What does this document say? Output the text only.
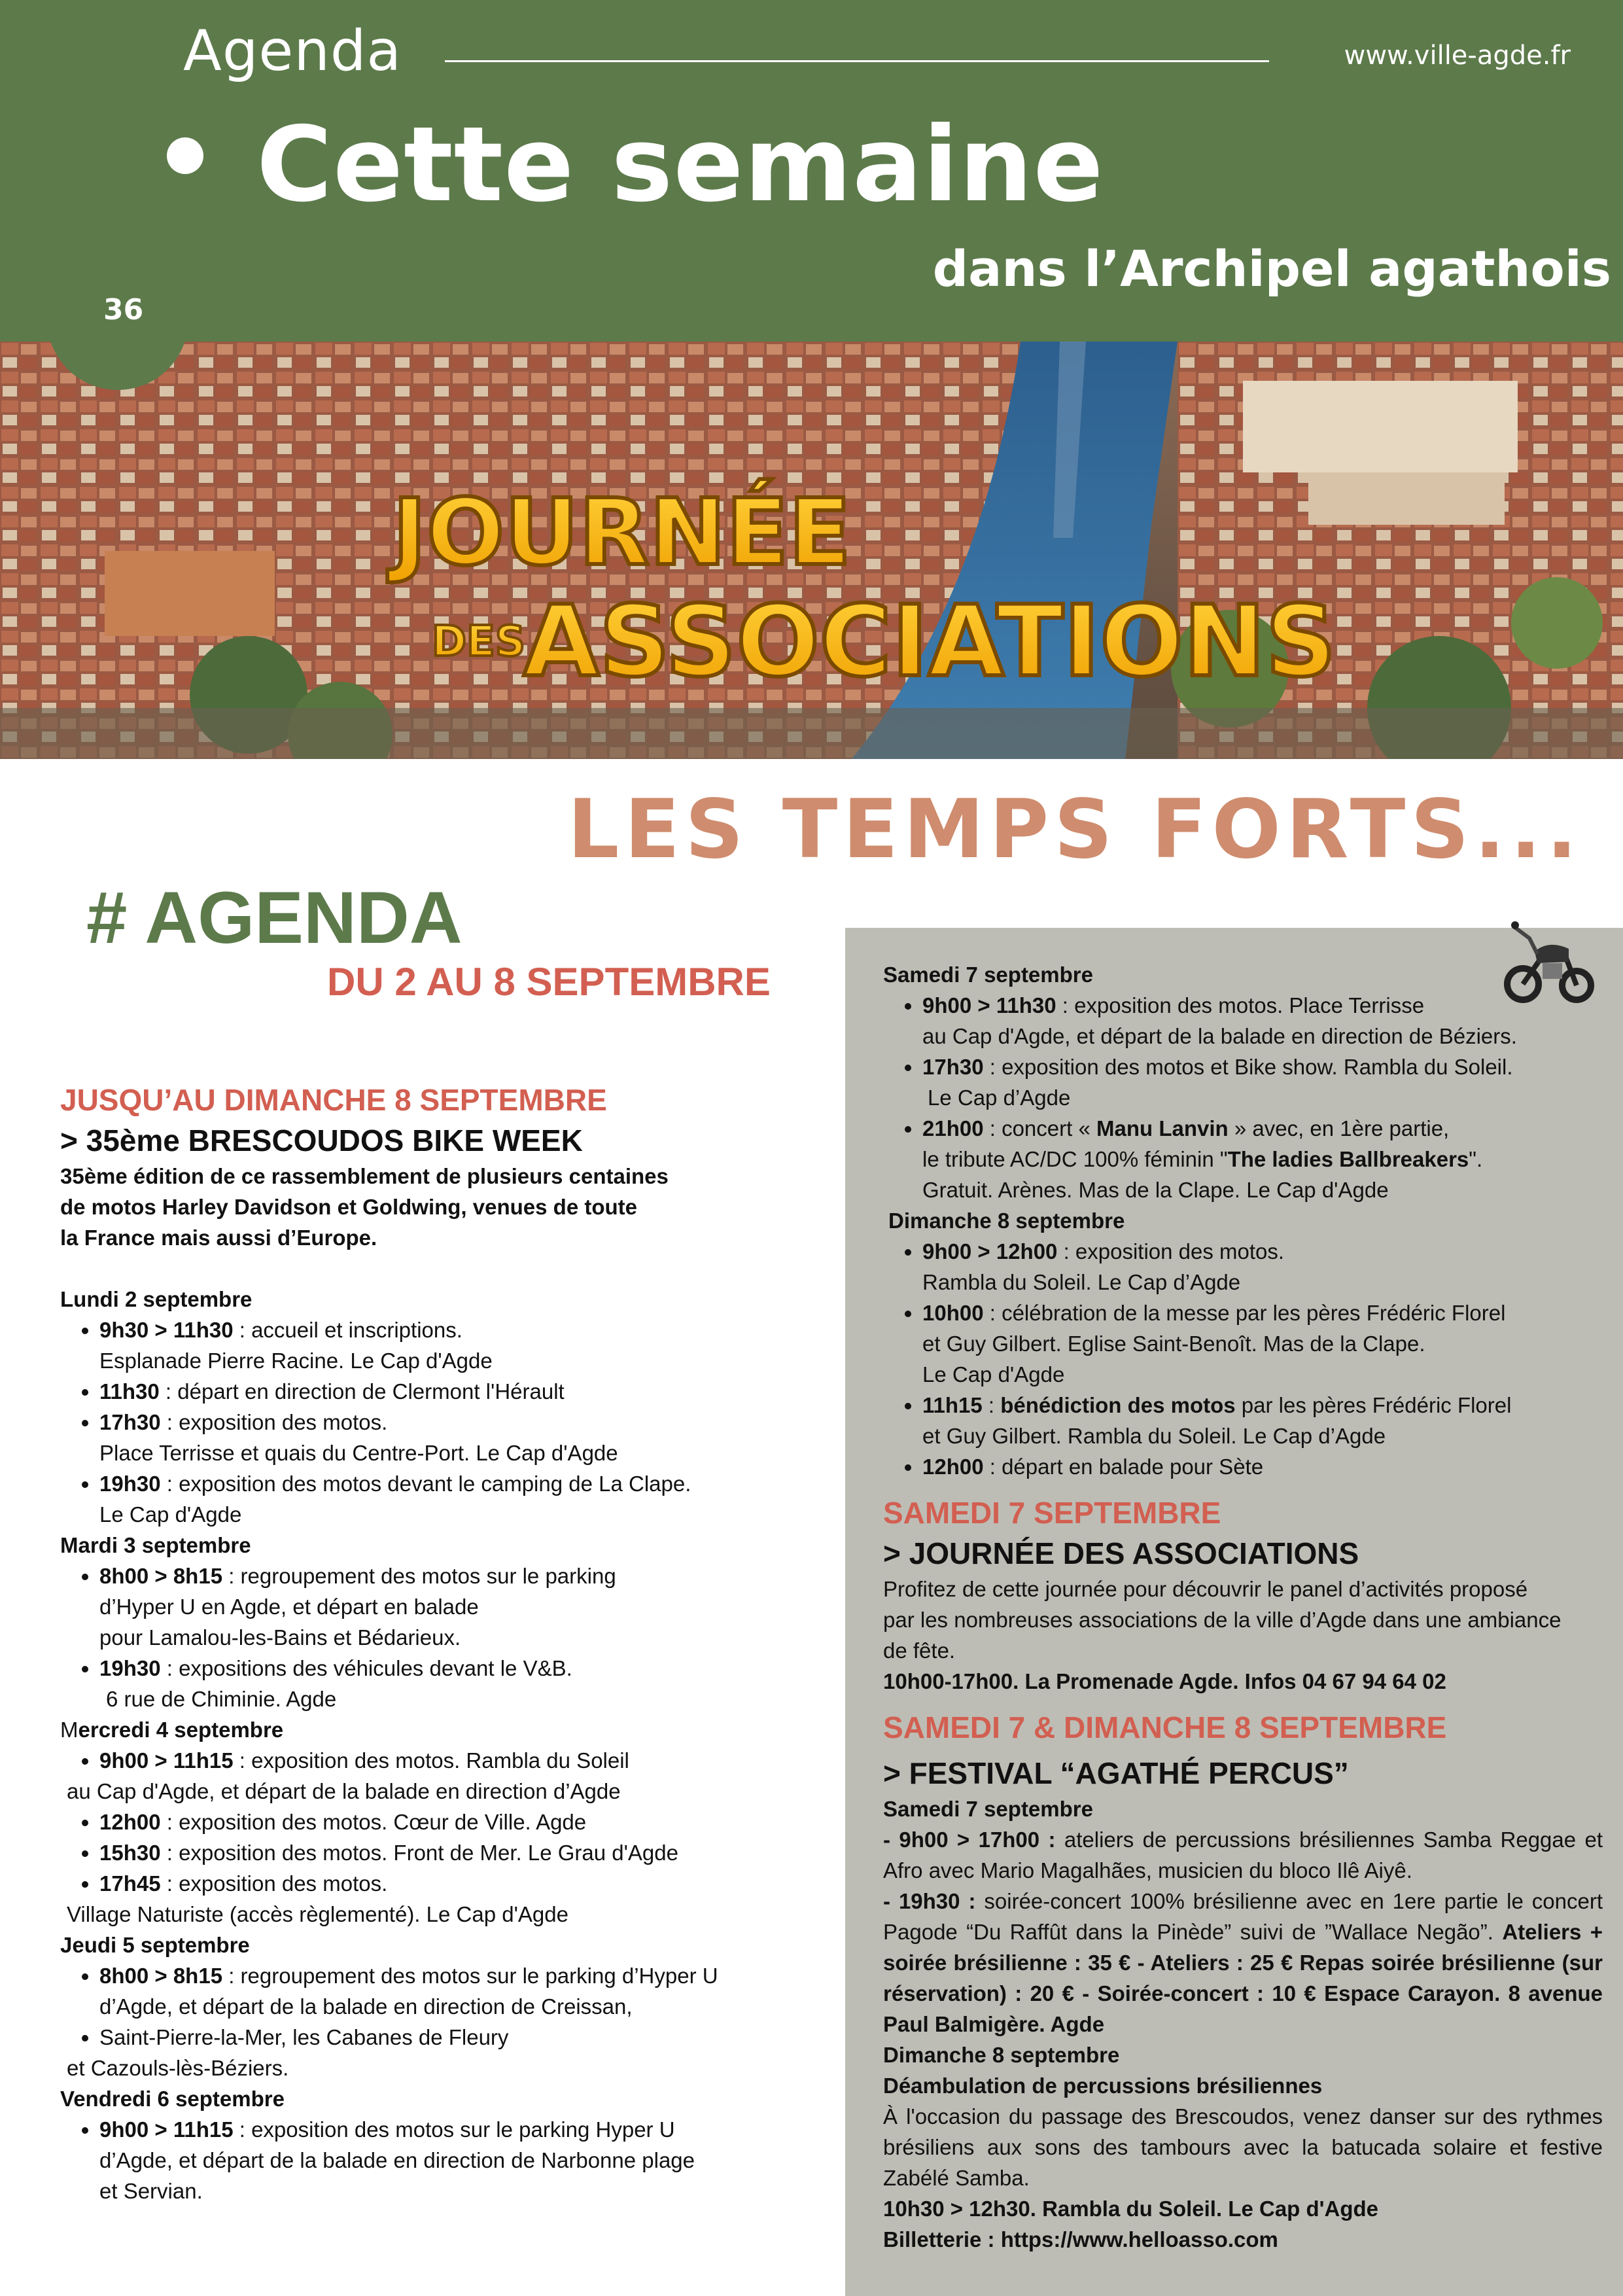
Agenda	www.ville-agde.fr
Cette semaine
dans l’Archipel agathois
36
JOURNÉE
DES
ASSOCIATIONS
LES TEMPS FORTS...
# AGENDA
DU 2 AU 8 SEPTEMBRE
JUSQU’AU DIMANCHE 8 SEPTEMBRE
> 35ème BRESCOUDOS BIKE WEEK
35ème édition de ce rassemblement de plusieurs centaines
de motos Harley Davidson et Goldwing, venues de toute
la France mais aussi d’Europe.
Lundi 2 septembre
• 9h30 > 11h30 : accueil et inscriptions.
Esplanade Pierre Racine. Le Cap d'Agde
• 11h30 : départ en direction de Clermont l'Hérault
• 17h30 : exposition des motos.
Place Terrisse et quais du Centre-Port. Le Cap d'Agde
• 19h30 : exposition des motos devant le camping de La Clape.
Le Cap d'Agde
Mardi 3 septembre
• 8h00 > 8h15 : regroupement des motos sur le parking
d’Hyper U en Agde, et départ en balade
pour Lamalou-les-Bains et Bédarieux.
• 19h30 : expositions des véhicules devant le V&B.
6 rue de Chiminie. Agde
Mercredi 4 septembre
• 9h00 > 11h15 : exposition des motos. Rambla du Soleil
au Cap d'Agde, et départ de la balade en direction d’Agde
• 12h00 : exposition des motos. Cœur de Ville. Agde
• 15h30 : exposition des motos. Front de Mer. Le Grau d'Agde
• 17h45 : exposition des motos.
Village Naturiste (accès règlementé). Le Cap d'Agde
Jeudi 5 septembre
• 8h00 > 8h15 : regroupement des motos sur le parking d’Hyper U
d’Agde, et départ de la balade en direction de Creissan,
• Saint-Pierre-la-Mer, les Cabanes de Fleury
et Cazouls-lès-Béziers.
Vendredi 6 septembre
• 9h00 > 11h15 : exposition des motos sur le parking Hyper U
d’Agde, et départ de la balade en direction de Narbonne plage
et Servian.
Samedi 7 septembre
• 9h00 > 11h30 : exposition des motos. Place Terrisse
au Cap d'Agde, et départ de la balade en direction de Béziers.
• 17h30 : exposition des motos et Bike show. Rambla du Soleil.
Le Cap d’Agde
• 21h00 : concert « Manu Lanvin » avec, en 1ère partie,
le tribute AC/DC 100% féminin "The ladies Ballbreakers".
Gratuit. Arènes. Mas de la Clape. Le Cap d'Agde
Dimanche 8 septembre
• 9h00 > 12h00 : exposition des motos.
Rambla du Soleil. Le Cap d’Agde
• 10h00 : célébration de la messe par les pères Frédéric Florel
et Guy Gilbert. Eglise Saint-Benoît. Mas de la Clape.
Le Cap d'Agde
• 11h15 : bénédiction des motos par les pères Frédéric Florel
et Guy Gilbert. Rambla du Soleil. Le Cap d’Agde
• 12h00 : départ en balade pour Sète
SAMEDI 7 SEPTEMBRE
> JOURNÉE DES ASSOCIATIONS
Profitez de cette journée pour découvrir le panel d’activités proposé
par les nombreuses associations de la ville d’Agde dans une ambiance
de fête.
10h00-17h00. La Promenade Agde. Infos 04 67 94 64 02
SAMEDI 7 & DIMANCHE 8 SEPTEMBRE
> FESTIVAL “AGATHÉ PERCUS”
Samedi 7 septembre

- 9h00 > 17h00 : ateliers de percussions brésiliennes Samba Reggae et Afro avec Mario Magalhães, musicien du bloco Ilê Aiyê.

- 19h30 : soirée-concert 100% brésilienne avec en 1ere partie le concert Pagode “Du Raffût dans la Pinède” suivi de ”Wallace Negão”. Ateliers + soirée brésilienne : 35 € - Ateliers : 25 € Repas soirée brésilienne (sur réservation) : 20 € - Soirée-concert : 10 € Espace Carayon. 8 avenue Paul Balmigère. Agde

Dimanche 8 septembre
Déambulation de percussions brésiliennes

À l'occasion du passage des Brescoudos, venez danser sur des rythmes brésiliens aux sons des tambours avec la batucada solaire et festive Zabélé Samba.

10h30 > 12h30. Rambla du Soleil. Le Cap d'Agde
Billetterie : https://www.helloasso.com
